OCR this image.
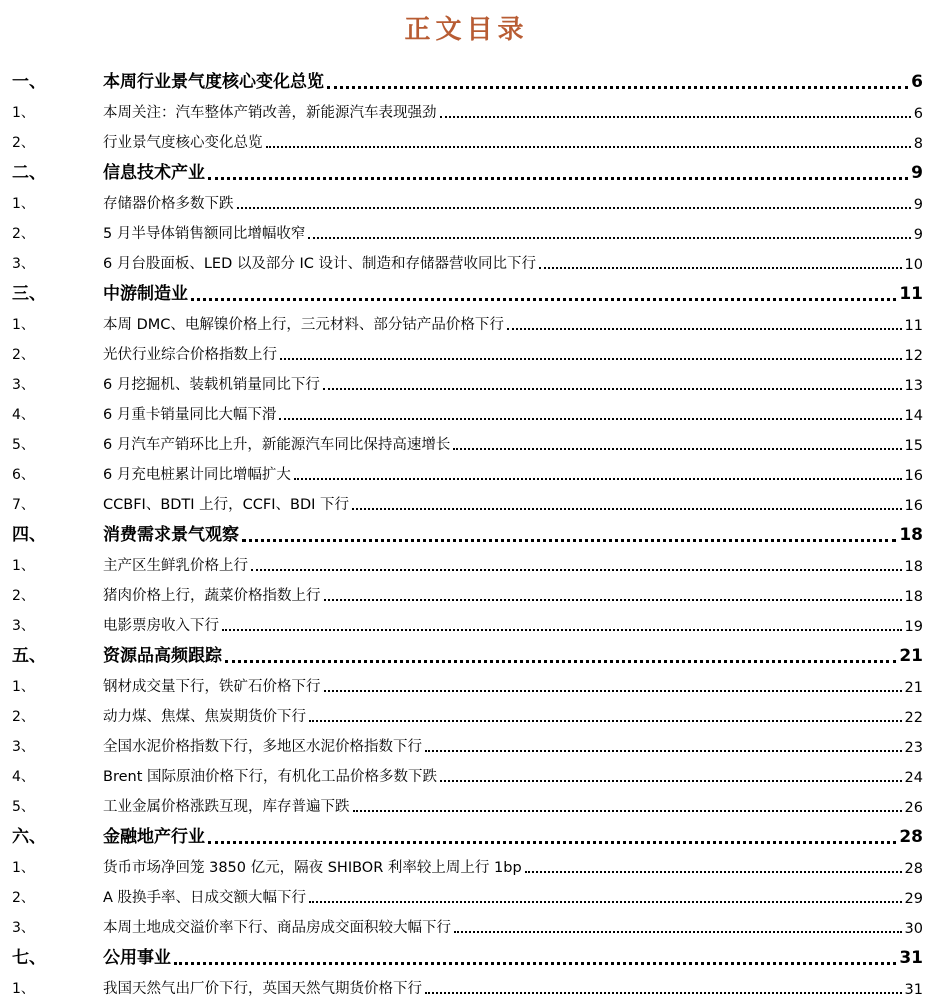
正文目录
一、	本周行业景气度核心变化总览	6
1、	本周关注：汽车整体产销改善，新能源汽车表现强劲	6
2、	行业景气度核心变化总览	8
二、	信息技术产业	9
1、	存储器价格多数下跌	9
2、	5 月半导体销售额同比增幅收窄	9
3、	6 月台股面板、LED 以及部分 IC 设计、制造和存储器营收同比下行	10
三、	中游制造业	11
1、	本周 DMC、电解镍价格上行，三元材料、部分钴产品价格下行	11
2、	光伏行业综合价格指数上行	12
3、	6 月挖掘机、装载机销量同比下行	13
4、	6 月重卡销量同比大幅下滑	14
5、	6 月汽车产销环比上升，新能源汽车同比保持高速增长	15
6、	6 月充电桩累计同比增幅扩大	16
7、	CCBFI、BDTI 上行，CCFI、BDI 下行	16
四、	消费需求景气观察	18
1、	主产区生鲜乳价格上行	18
2、	猪肉价格上行，蔬菜价格指数上行	18
3、	电影票房收入下行	19
五、	资源品高频跟踪	21
1、	钢材成交量下行，铁矿石价格下行	21
2、	动力煤、焦煤、焦炭期货价下行	22
3、	全国水泥价格指数下行，多地区水泥价格指数下行	23
4、	Brent 国际原油价格下行，有机化工品价格多数下跌	24
5、	工业金属价格涨跌互现，库存普遍下跌	26
六、	金融地产行业	28
1、	货币市场净回笼 3850 亿元，隔夜 SHIBOR 利率较上周上行 1bp	28
2、	A 股换手率、日成交额大幅下行	29
3、	本周土地成交溢价率下行、商品房成交面积较大幅下行	30
七、	公用事业	31
1、	我国天然气出厂价下行，英国天然气期货价格下行	31
